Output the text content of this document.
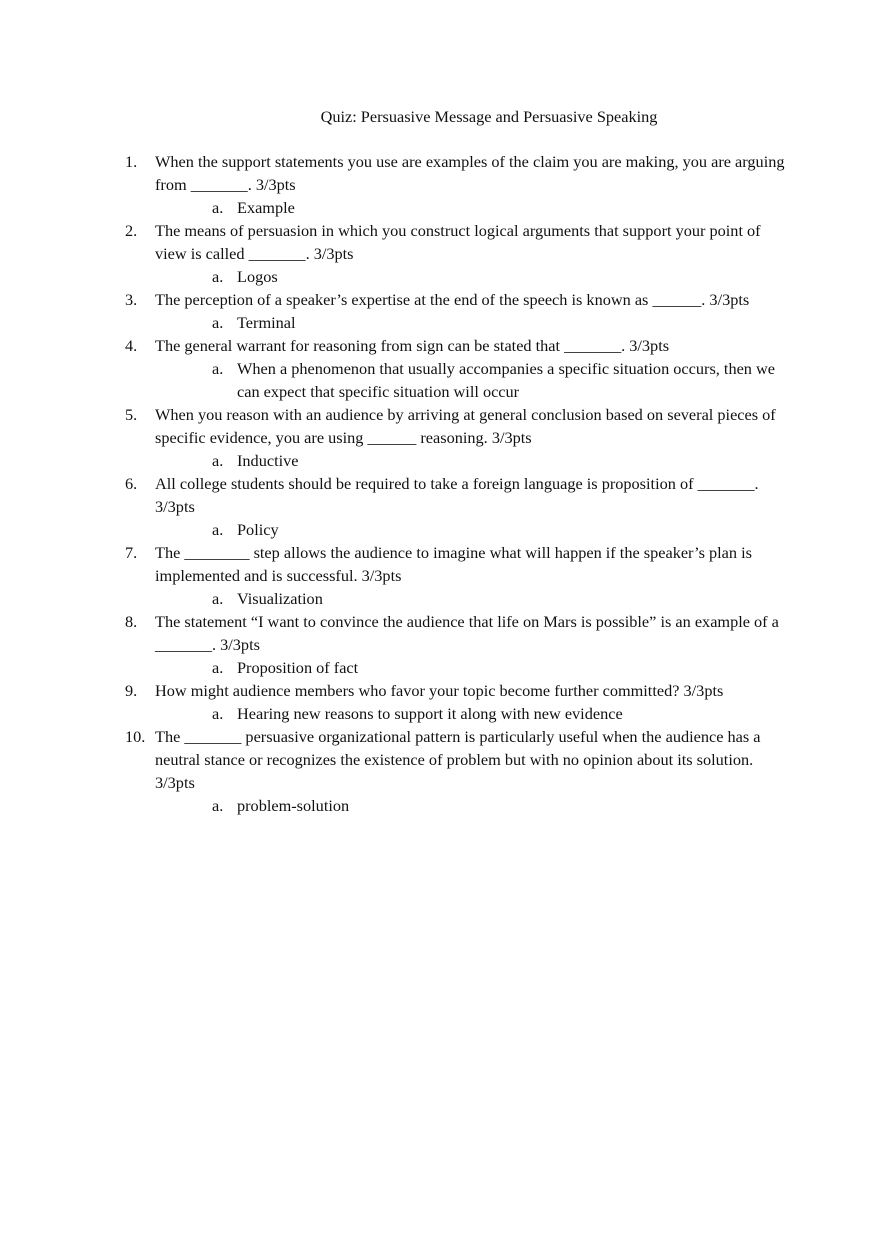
Quiz: Persuasive Message and Persuasive Speaking
1.	When the support statements you use are examples of the claim you are making, you are arguing from _______. 3/3pts
a. Example
2.	The means of persuasion in which you construct logical arguments that support your point of view is called _______. 3/3pts
a. Logos
3.	The perception of a speaker’s expertise at the end of the speech is known as ______. 3/3pts
a. Terminal
4.	The general warrant for reasoning from sign can be stated that _______. 3/3pts
a. When a phenomenon that usually accompanies a specific situation occurs, then we can expect that specific situation will occur
5.	When you reason with an audience by arriving at general conclusion based on several pieces of specific evidence, you are using ______ reasoning. 3/3pts
a. Inductive
6.	All college students should be required to take a foreign language is proposition of _______. 3/3pts
a. Policy
7.	The ________ step allows the audience to imagine what will happen if the speaker’s plan is implemented and is successful. 3/3pts
a. Visualization
8.	The statement “I want to convince the audience that life on Mars is possible” is an example of a _______. 3/3pts
a. Proposition of fact
9.	How might audience members who favor your topic become further committed? 3/3pts
a. Hearing new reasons to support it along with new evidence
10. The _______ persuasive organizational pattern is particularly useful when the audience has a neutral stance or recognizes the existence of problem but with no opinion about its solution. 3/3pts
a. problem-solution
